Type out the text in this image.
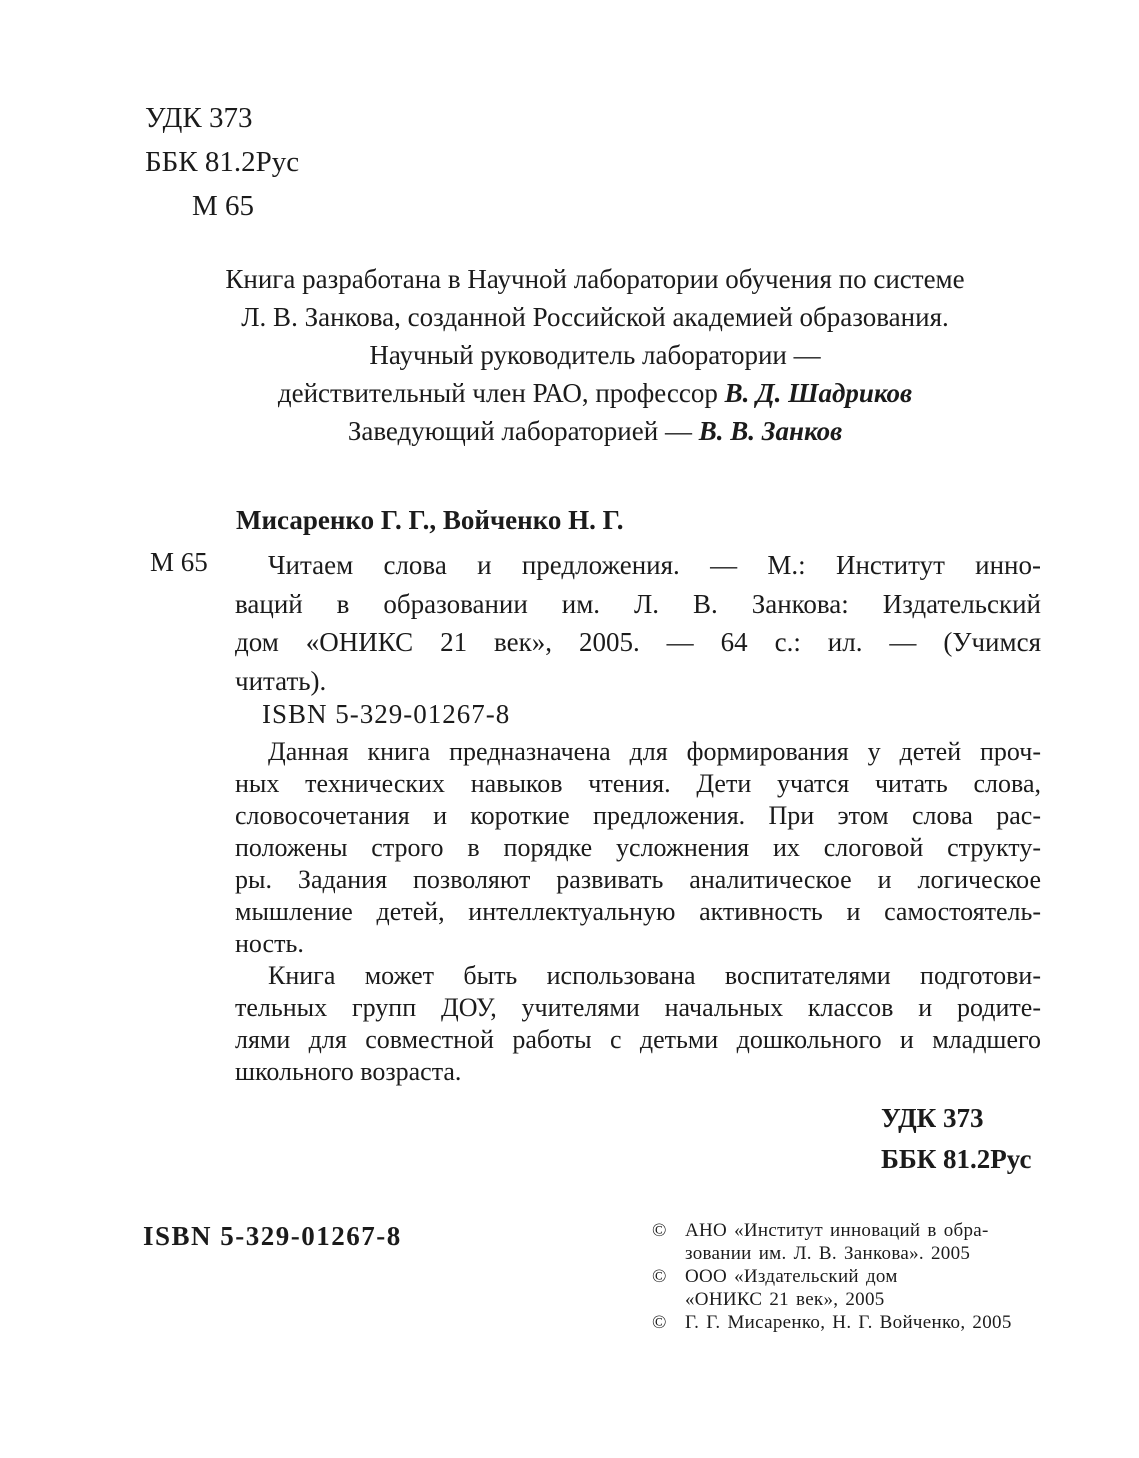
УДК 373
ББК 81.2Рус
М 65
Книга разработана в Научной лаборатории обучения по системе
Л. В. Занкова, созданной Российской академией образования.
Научный руководитель лаборатории —
действительный член РАО, профессор В. Д. Шадриков
Заведующий лабораторией — В. В. Занков
Мисаренко Г. Г., Войченко Н. Г.
М 65	Читаем слова и предложения. — М.: Институт инно-
ваций в образовании им. Л. В. Занкова: Издательский
дом «ОНИКС 21 век», 2005. — 64 с.: ил. — (Учимся
читать).
ISBN 5-329-01267-8
Данная книга предназначена для формирования у детей проч-
ных технических навыков чтения. Дети учатся читать слова,
словосочетания и короткие предложения. При этом слова рас-
положены строго в порядке усложнения их слоговой структу-
ры. Задания позволяют развивать аналитическое и логическое
мышление детей, интеллектуальную активность и самостоятель-
ность.
Книга может быть использована воспитателями подготови-
тельных групп ДОУ, учителями начальных классов и родите-
лями для совместной работы с детьми дошкольного и младшего
школьного возраста.
УДК 373
ББК 81.2Рус
ISBN 5-329-01267-8	© АНО «Институт инноваций в обра-
зовании им. Л. В. Занкова». 2005
© ООО «Издательский дом
«ОНИКС 21 век», 2005
© Г. Г. Мисаренко, Н. Г. Войченко, 2005
